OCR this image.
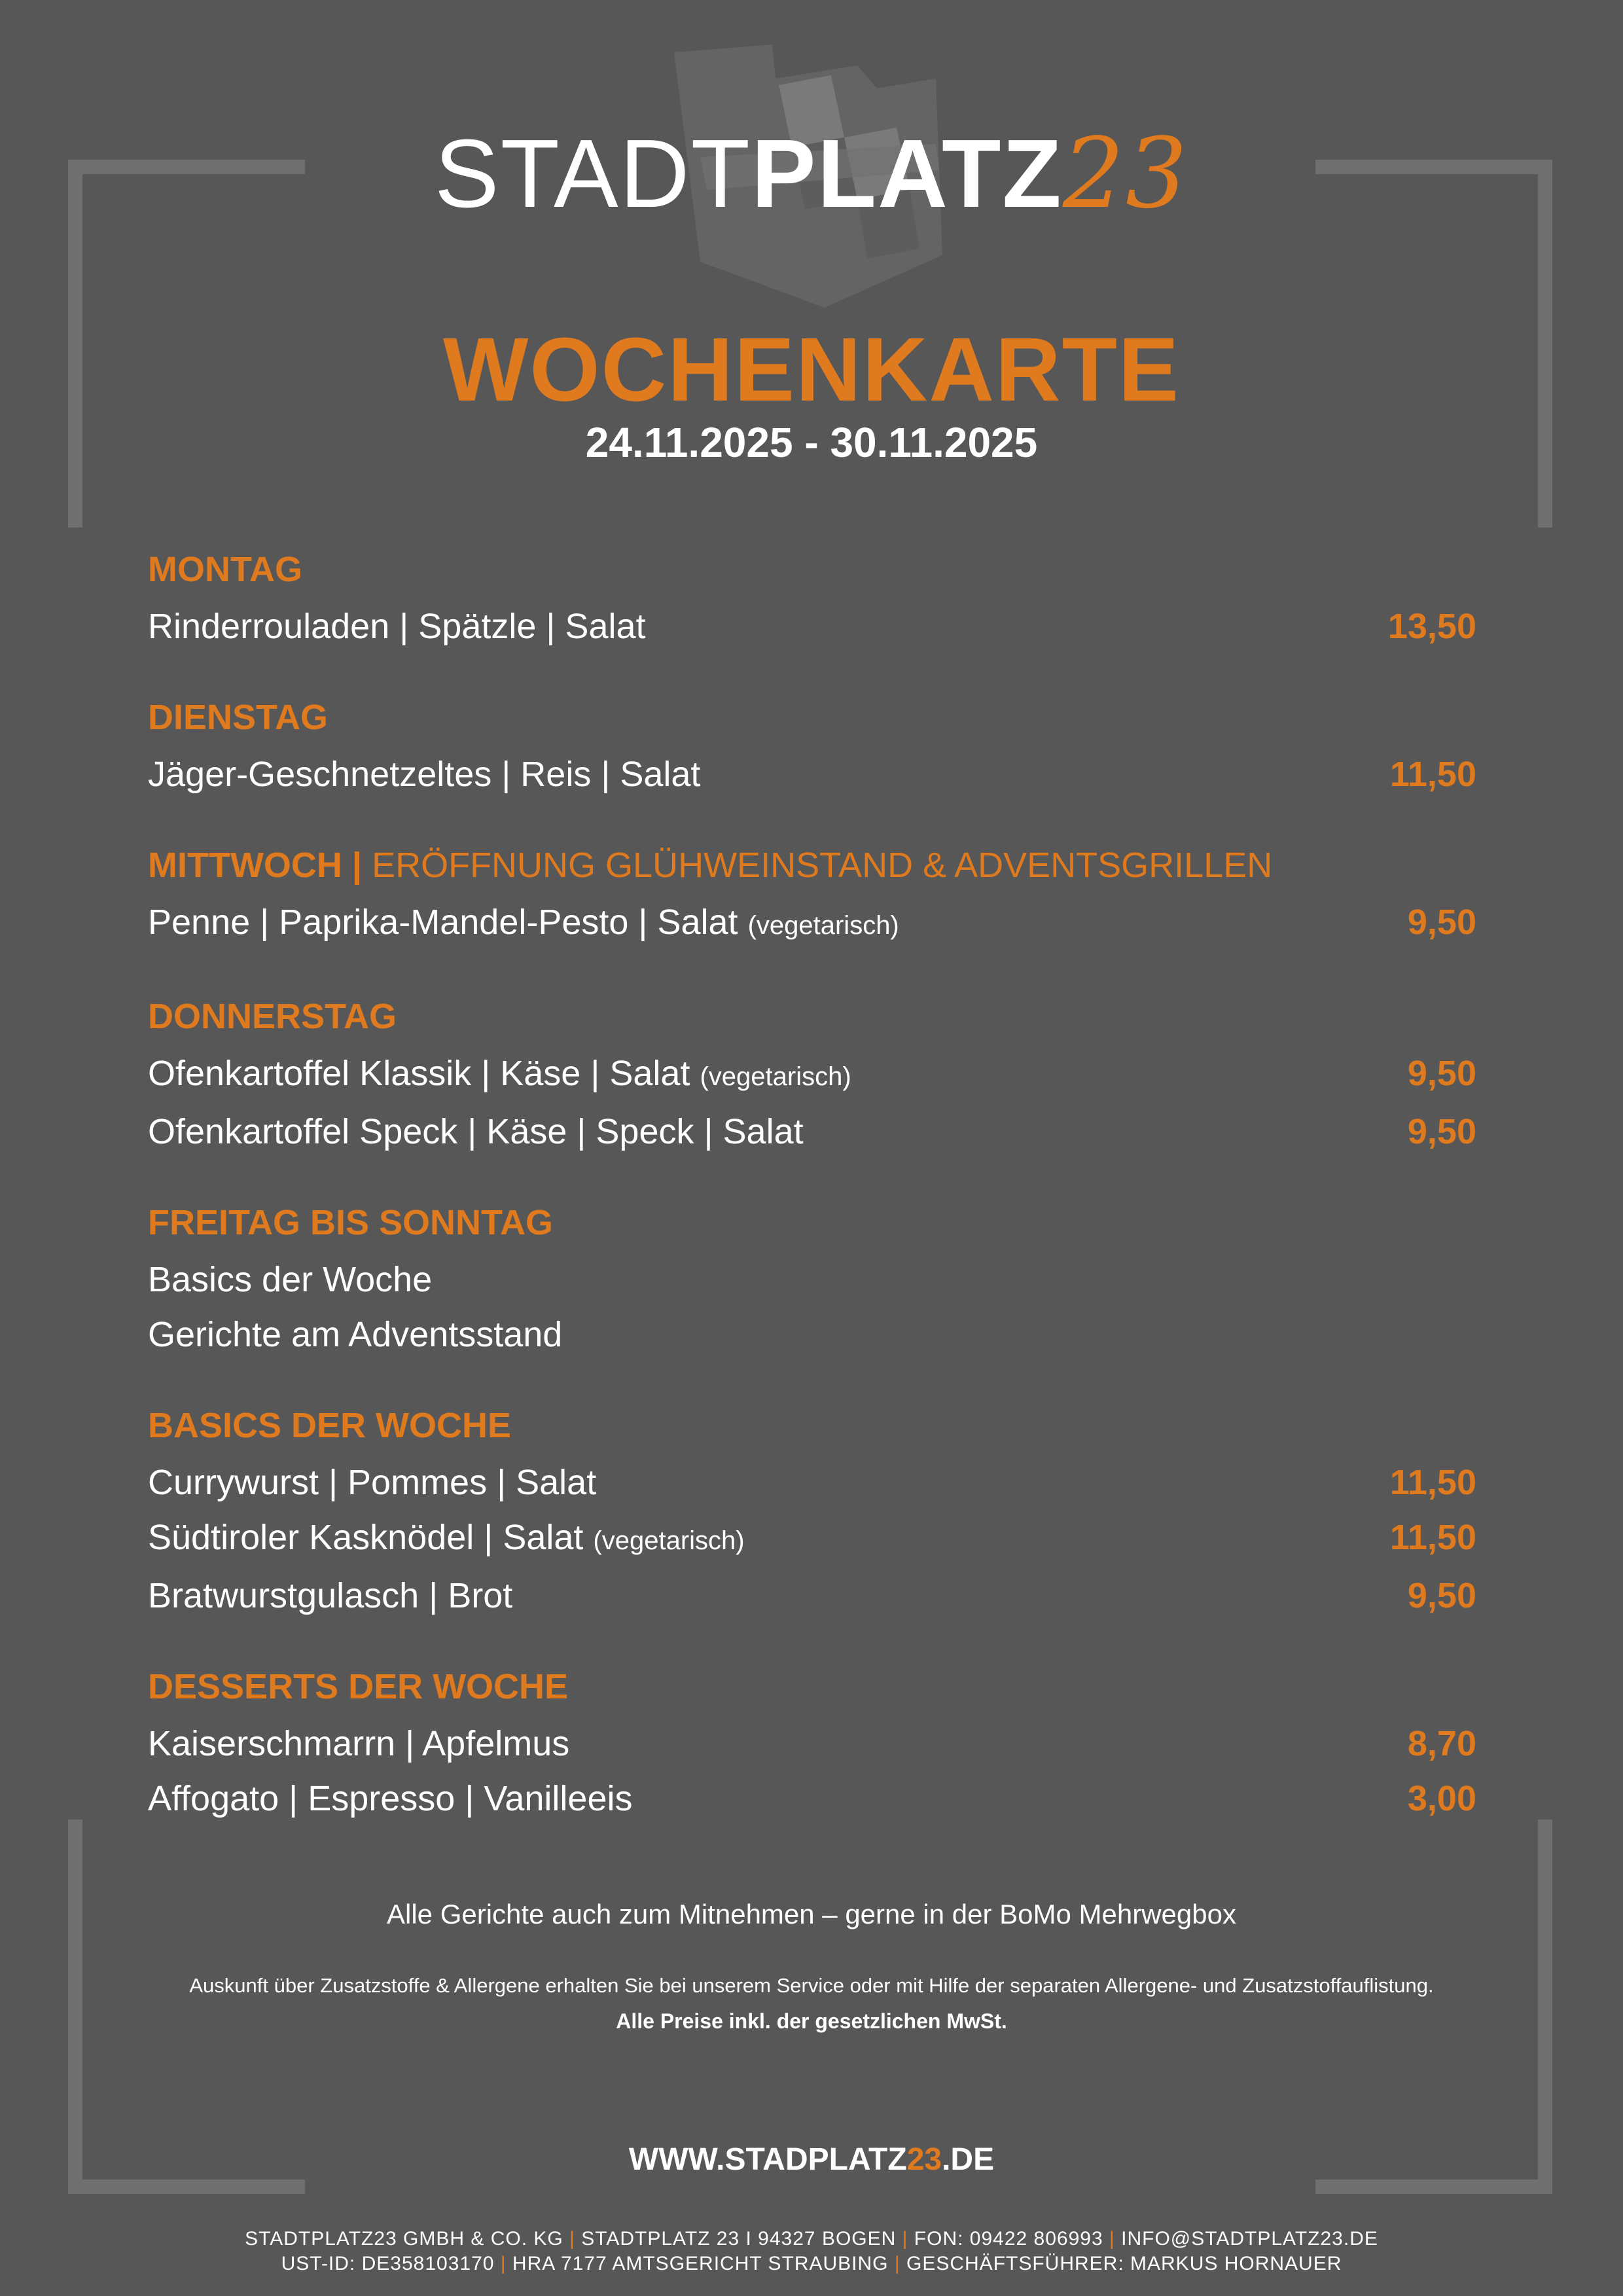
STADTPLATZ23
WOCHENKARTE
24.11.2025 - 30.11.2025
MONTAG
Rinderrouladen | Spätzle | Salat	13,50
DIENSTAG
Jäger-Geschnetzeltes | Reis | Salat	11,50
MITTWOCH | ERÖFFNUNG GLÜHWEINSTAND & ADVENTSGRILLEN
Penne | Paprika-Mandel-Pesto | Salat (vegetarisch)	9,50
DONNERSTAG
Ofenkartoffel Klassik | Käse | Salat (vegetarisch)	9,50
Ofenkartoffel Speck | Käse | Speck | Salat	9,50
FREITAG BIS SONNTAG
Basics der Woche
Gerichte am Adventsstand
BASICS DER WOCHE
Currywurst | Pommes | Salat	11,50
Südtiroler Kasknödel | Salat (vegetarisch)	11,50
Bratwurstgulasch | Brot	9,50
DESSERTS DER WOCHE
Kaiserschmarrn | Apfelmus	8,70
Affogato | Espresso | Vanilleeis	3,00
Alle Gerichte auch zum Mitnehmen – gerne in der BoMo Mehrwegbox
Auskunft über Zusatzstoffe & Allergene erhalten Sie bei unserem Service oder mit Hilfe der separaten Allergene- und Zusatzstoffauflistung.
Alle Preise inkl. der gesetzlichen MwSt.
WWW.STADPLATZ23.DE
STADTPLATZ23 GMBH & CO. KG | STADTPLATZ 23 I 94327 BOGEN | FON: 09422 806993 | INFO@STADTPLATZ23.DE
UST-ID: DE358103170 | HRA 7177 AMTSGERICHT STRAUBING | GESCHÄFTSFÜHRER: MARKUS HORNAUER
